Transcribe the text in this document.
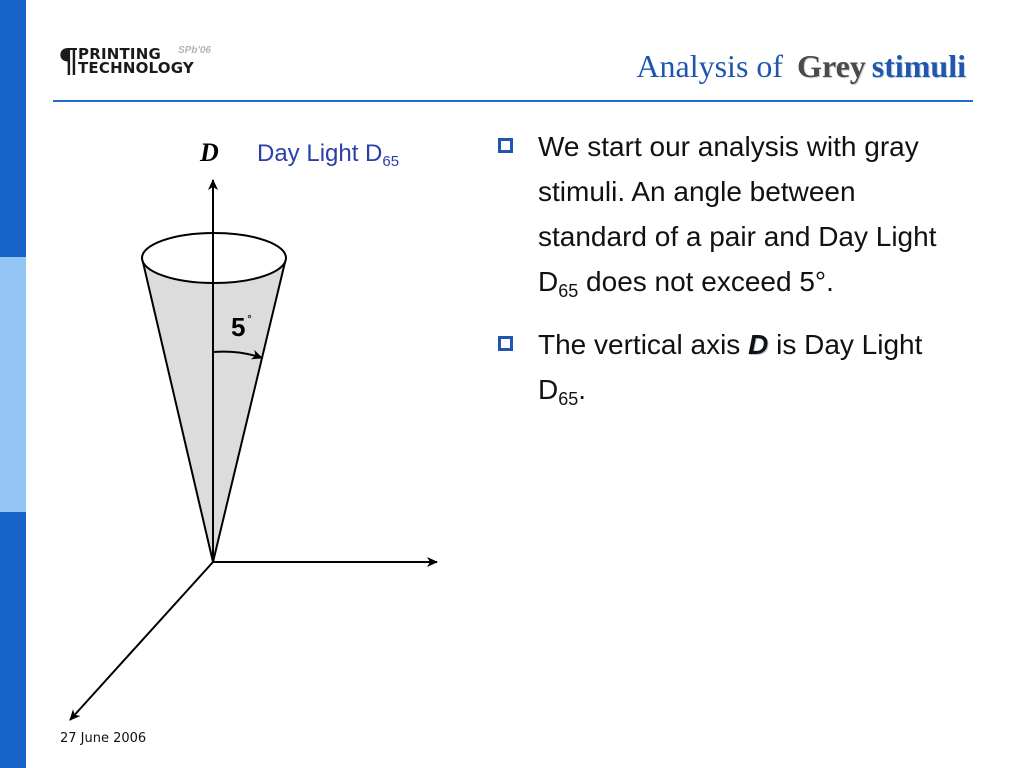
¶ PRINTING
TECHNOLOGY
SPb'06	Analysis of Grey stimuli
D Day Light $D_{65}$
5 ˚
We start our analysis with gray stimuli. An angle between standard of a pair and Day Light $D_{65}$ does not exceed 5°.
The vertical axis D is Day Light $D_{65}$.
27 June 2006
